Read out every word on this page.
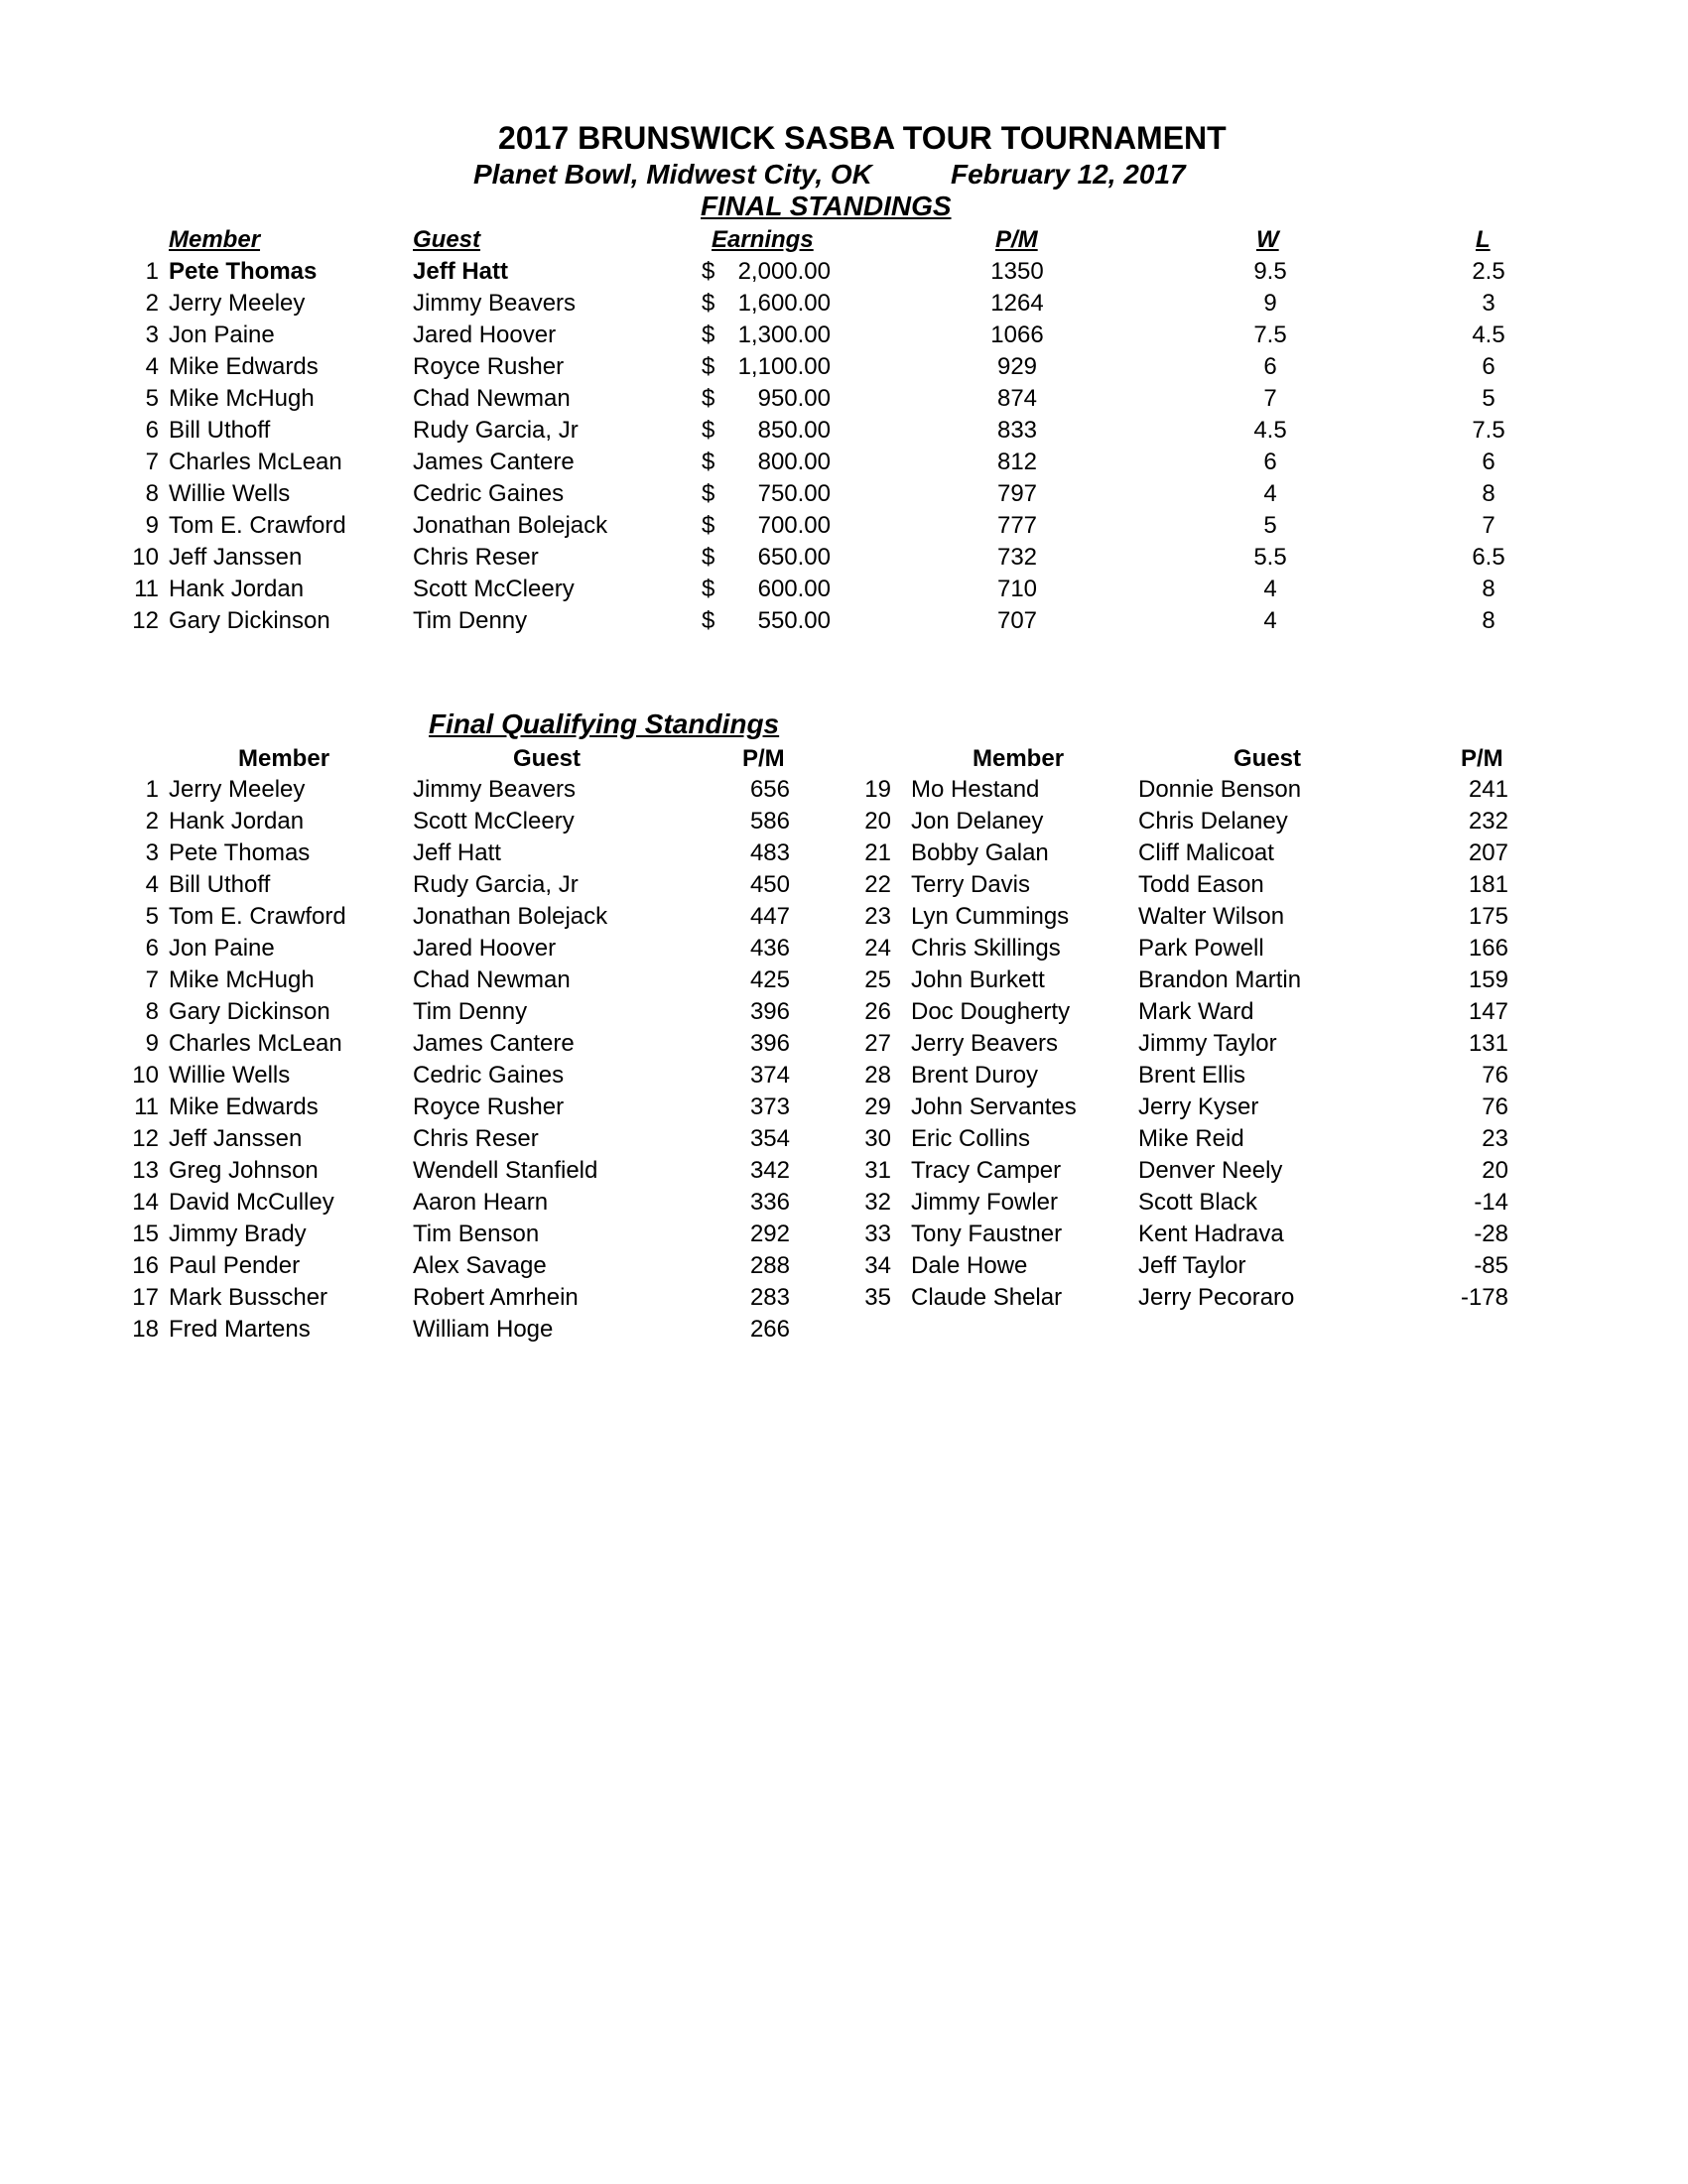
2017 BRUNSWICK SASBA TOUR TOURNAMENT
Planet Bowl, Midwest City, OK	February 12, 2017
FINAL STANDINGS
Member	Guest	Earnings	P/M	W	L
1 Pete Thomas	Jeff Hatt	$ 2,000.00	1350	9.5	2.5
2 Jerry Meeley	Jimmy Beavers	$ 1,600.00	1264	9	3
3 Jon Paine	Jared Hoover	$ 1,300.00	1066	7.5	4.5
4 Mike Edwards	Royce Rusher	$ 1,100.00	929	6	6
5 Mike McHugh	Chad Newman	$	950.00	874	7	5
6 Bill Uthoff	Rudy Garcia, Jr	$	850.00	833	4.5	7.5
7 Charles McLean	James Cantere	$	800.00	812	6	6
8 Willie Wells	Cedric Gaines	$	750.00	797	4	8
9 Tom E. Crawford	Jonathan Bolejack	$	700.00	777	5	7
10 Jeff Janssen	Chris Reser	$	650.00	732	5.5	6.5
11 Hank Jordan	Scott McCleery	$	600.00	710	4	8
12 Gary Dickinson	Tim Denny	$	550.00	707	4	8
Final Qualifying Standings
Member	Guest	P/M	Member	Guest	P/M
1 Jerry Meeley	Jimmy Beavers	656
2 Hank Jordan	Scott McCleery	586
3 Pete Thomas	Jeff Hatt	483
4 Bill Uthoff	Rudy Garcia, Jr	450
5 Tom E. Crawford	Jonathan Bolejack	447
6 Jon Paine	Jared Hoover	436
7 Mike McHugh	Chad Newman	425
8 Gary Dickinson	Tim Denny	396
9 Charles McLean	James Cantere	396
10 Willie Wells	Cedric Gaines	374
11 Mike Edwards	Royce Rusher	373
12 Jeff Janssen	Chris Reser	354
13 Greg Johnson	Wendell Stanfield	342
14 David McCulley	Aaron Hearn	336
15 Jimmy Brady	Tim Benson	292
16 Paul Pender	Alex Savage	288
17 Mark Busscher	Robert Amrhein	283
18 Fred Martens	William Hoge	266
19 Mo Hestand	Donnie Benson	241
20 Jon Delaney	Chris Delaney	232
21 Bobby Galan	Cliff Malicoat	207
22 Terry Davis	Todd Eason	181
23 Lyn Cummings	Walter Wilson	175
24 Chris Skillings	Park Powell	166
25 John Burkett	Brandon Martin	159
26 Doc Dougherty	Mark Ward	147
27 Jerry Beavers	Jimmy Taylor	131
28 Brent Duroy	Brent Ellis	76
29 John Servantes	Jerry Kyser	76
30 Eric Collins	Mike Reid	23
31 Tracy Camper	Denver Neely	20
32 Jimmy Fowler	Scott Black	-14
33 Tony Faustner	Kent Hadrava	-28
34 Dale Howe	Jeff Taylor	-85
35 Claude Shelar	Jerry Pecoraro	-178
